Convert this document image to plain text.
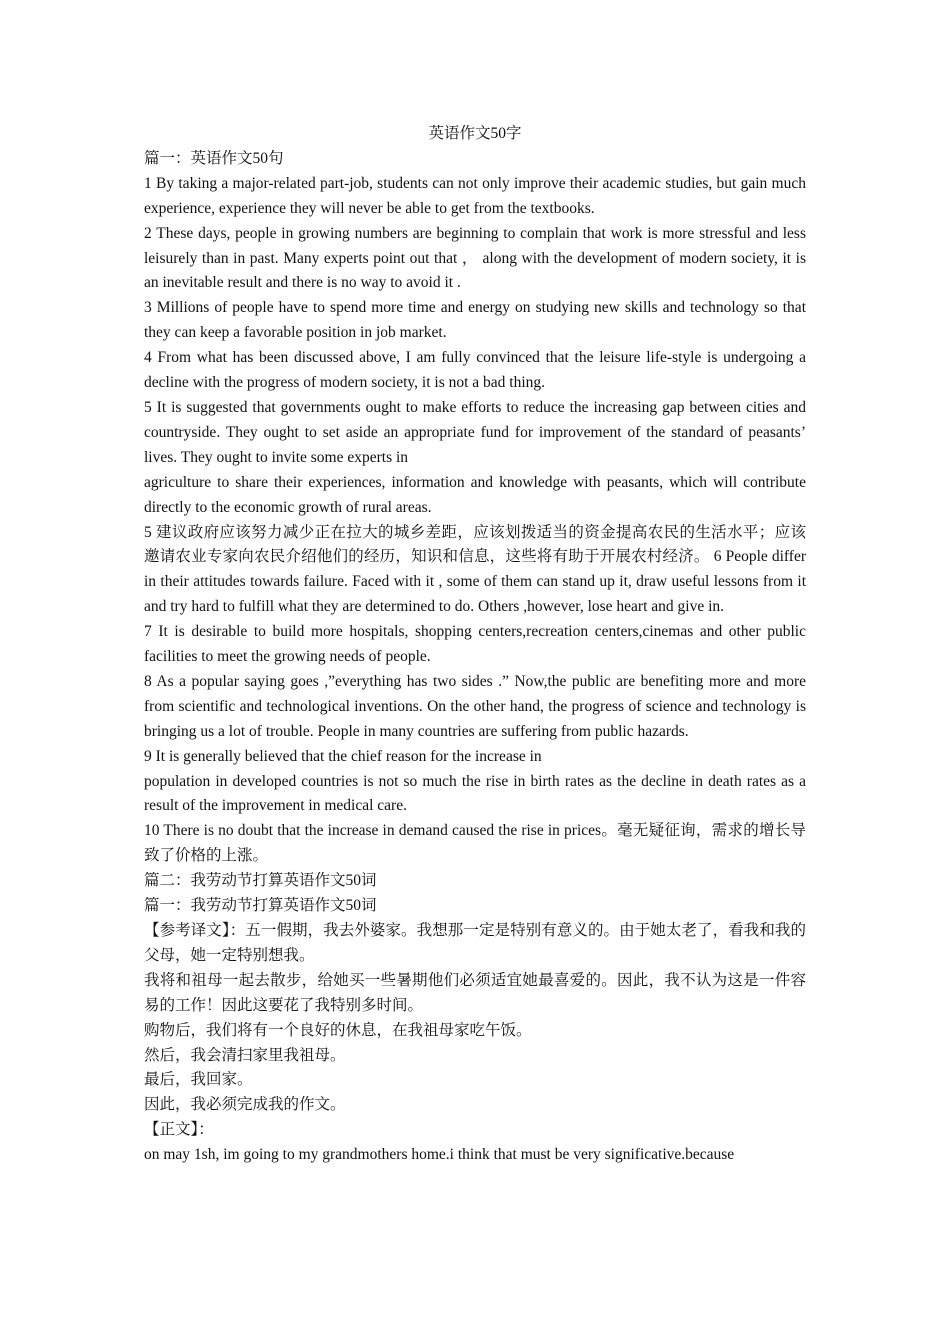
英语作文50字

篇一：英语作文50句

1 By taking a major-related part-job, students can not only improve their academic studies, but gain much experience, experience they will never be able to get from the textbooks.

2 These days, people in growing numbers are beginning to complain that work is more stressful and less leisurely than in past. Many experts point out that ， along with the development of modern society, it is an inevitable result and there is no way to avoid it .

3 Millions of people have to spend more time and energy on studying new skills and technology so that they can keep a favorable position in job market.

4 From what has been discussed above, I am fully convinced that the leisure life-style is undergoing a decline with the progress of modern society, it is not a bad thing.

5 It is suggested that governments ought to make efforts to reduce the increasing gap between cities and countryside. They ought to set aside an appropriate fund for improvement of the standard of peasants’ lives. They ought to invite some experts in

agriculture to share their experiences, information and knowledge with peasants, which will contribute directly to the economic growth of rural areas.

5 建议政府应该努力减少正在拉大的城乡差距，应该划拨适当的资金提高农民的生活水平；应该邀请农业专家向农民介绍他们的经历，知识和信息，这些将有助于开展农村经济。 6 People differ in their attitudes towards failure. Faced with it , some of them can stand up it, draw useful lessons from it and try hard to fulfill what they are determined to do. Others ,however, lose heart and give in.

7 It is desirable to build more hospitals, shopping centers,recreation centers,cinemas and other public facilities to meet the growing needs of people.

8 As a popular saying goes ,”everything has two sides .” Now,the public are benefiting more and more from scientific and technological inventions. On the other hand, the progress of science and technology is bringing us a lot of trouble. People in many countries are suffering from public hazards.

9 It is generally believed that the chief reason for the increase in

population in developed countries is not so much the rise in birth rates as the decline in death rates as a result of the improvement in medical care.

10 There is no doubt that the increase in demand caused the rise in prices。毫无疑征询，需求的增长导致了价格的上涨。

篇二：我劳动节打算英语作文50词

篇一：我劳动节打算英语作文50词

【参考译文】：五一假期，我去外婆家。我想那一定是特别有意义的。由于她太老了，看我和我的父母，她一定特别想我。

我将和祖母一起去散步，给她买一些暑期他们必须适宜她最喜爱的。因此，我不认为这是一件容易的工作！因此这要花了我特别多时间。

购物后，我们将有一个良好的休息，在我祖母家吃午饭。

然后，我会清扫家里我祖母。

最后，我回家。

因此，我必须完成我的作文。

【正文】：

on may 1sh, im going to my grandmothers home.i think that must be very significative.because
